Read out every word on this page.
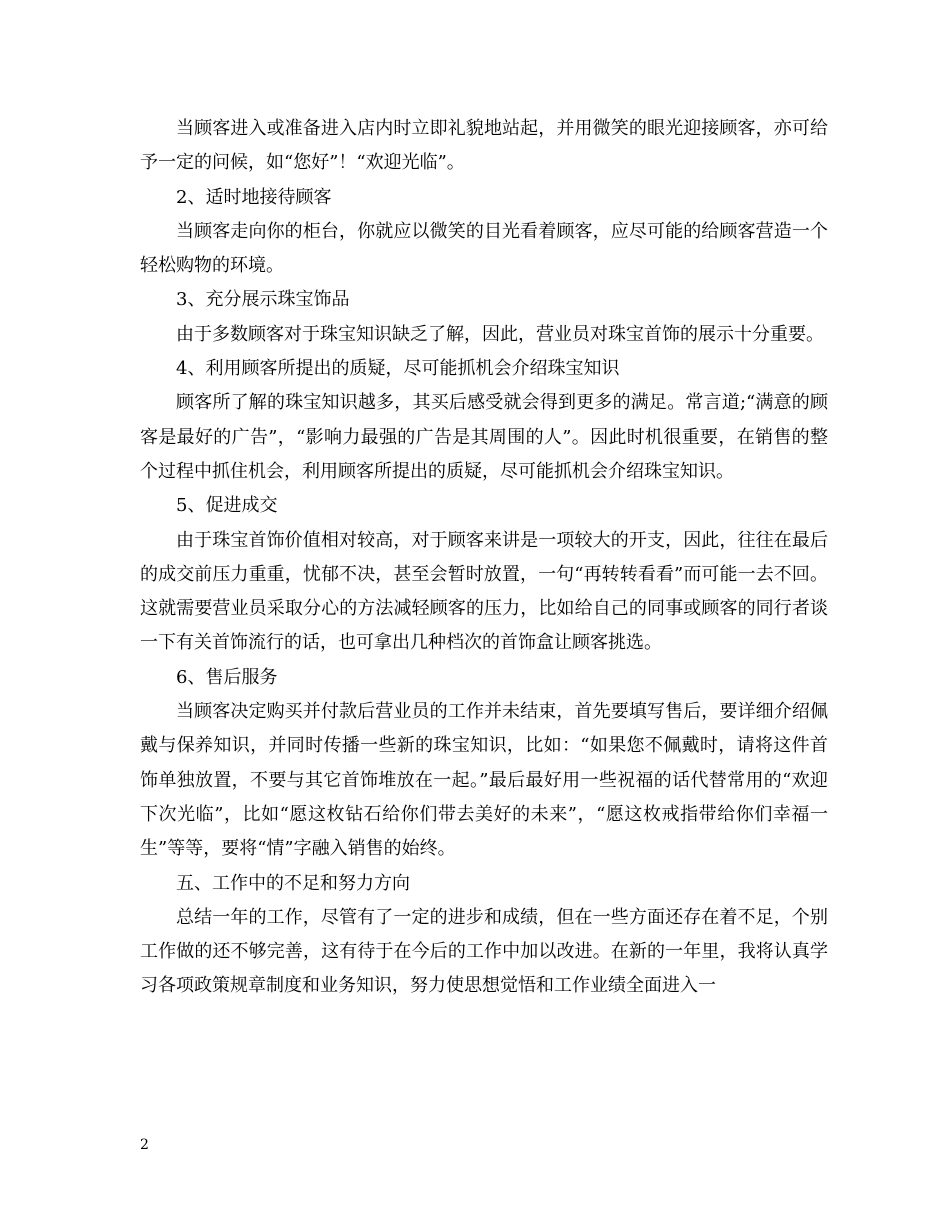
当顾客进入或准备进入店内时立即礼貌地站起，并用微笑的眼光迎接顾客，亦可给予一定的问候，如“您好”！“欢迎光临”。

2、适时地接待顾客

当顾客走向你的柜台，你就应以微笑的目光看着顾客，应尽可能的给顾客营造一个轻松购物的环境。

3、充分展示珠宝饰品

由于多数顾客对于珠宝知识缺乏了解，因此，营业员对珠宝首饰的展示十分重要。

4、利用顾客所提出的质疑，尽可能抓机会介绍珠宝知识

顾客所了解的珠宝知识越多，其买后感受就会得到更多的满足。常言道;“满意的顾客是最好的广告”，“影响力最强的广告是其周围的人”。因此时机很重要，在销售的整个过程中抓住机会，利用顾客所提出的质疑，尽可能抓机会介绍珠宝知识。

5、促进成交

由于珠宝首饰价值相对较高，对于顾客来讲是一项较大的开支，因此，往往在最后的成交前压力重重，忧郁不决，甚至会暂时放置，一句“再转转看看”而可能一去不回。这就需要营业员采取分心的方法减轻顾客的压力，比如给自己的同事或顾客的同行者谈一下有关首饰流行的话，也可拿出几种档次的首饰盒让顾客挑选。

6、售后服务

当顾客决定购买并付款后营业员的工作并未结束，首先要填写售后，要详细介绍佩戴与保养知识，并同时传播一些新的珠宝知识，比如：“如果您不佩戴时，请将这件首饰单独放置，不要与其它首饰堆放在一起。”最后最好用一些祝福的话代替常用的“欢迎下次光临”，比如“愿这枚钻石给你们带去美好的未来”，“愿这枚戒指带给你们幸福一生”等等，要将“情”字融入销售的始终。

五、工作中的不足和努力方向

总结一年的工作，尽管有了一定的进步和成绩，但在一些方面还存在着不足，个别工作做的还不够完善，这有待于在今后的工作中加以改进。在新的一年里，我将认真学习各项政策规章制度和业务知识，努力使思想觉悟和工作业绩全面进入一

2
